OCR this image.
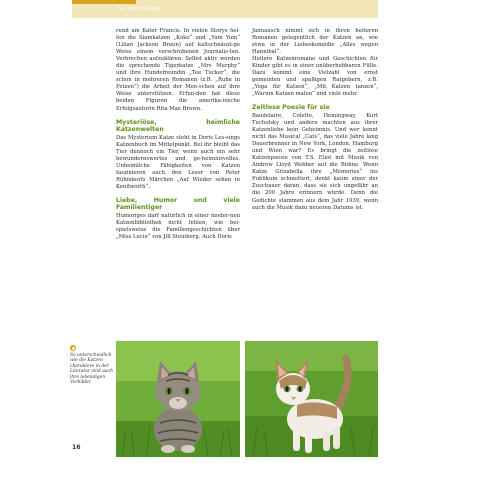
So sind Katzen

rund um Kater Francis. In vielen Storys hel-fen die Siamkatzen „Koko“ und „Yum Yum“ (Lilian Jackson Braun) auf kaltschnäuzi-ge Weise einem verschrobenen Journalis-ten. Verbrechen aufzuklären. Selbst aktiv werden die sprechende Tigerkatze „Mrs Murphy“ und ihre Hundefreundin „Tee Tucker“, die schon in mehreren Romanen (z.B. „Ruhe in Fetzen“) die Arbeit der Men-schen auf ihre Weise unterstützen. Erfun-den hat diese beiden Figuren die amerika-nische Erfolgsautorin Rita Mae Brown.

Mysteriöse, heimliche Katzenwelten

Das Mysterium Katze steht in Doris Les-sings Katzenbuch im Mittelpunkt. Bei ihr bleibt das Tier dennoch ein Tier, wenn auch ein sehr bewundernswertes und ge-heimnisvolles. Unheimliche Fähigkeiten von Katzen faszinieren auch den Leser von Peter Rühmkorfs Märchen „Auf Wieder sehen in Kenilworth“.

Liebe, Humor und viele Familientiger

Humoriges darf natürlich in einer moder-nen Katzenbibliothek nicht fehlen, wie bei-spielsweise die Familiengeschichten über „Miss Lucie“ von Jill Steinberg. Auch Doris

Jannausch nimmt sich in ihren heiteren Romanen gelegentlich der Katzen an, wie etwa in der Liebeskomödie „Alles wegen Hannibal“.

Heitere Katzenromane und Geschichten für Kinder gibt es in einer unüberhebbaren Fülle. Dazu kommt eine Vielzahl von ernst gemeinten und spaßigen Ratgebern, z.B. „Yoga für Katzen“, „Mit Katzen tanzen“, „Warum Katzen malen“ und viele mehr.

Zeitlose Poesie für sie

Baudelaire, Colette, Hemingway, Kurt Tucholsky und andere machten aus ihrer Katzenliebe kein Geheimnis. Und wer kennt nicht das Musical „Cats“, das viele Jahre lang Dauerbrenner in New York, London, Hamburg und Wien war? Es bringt die zeitlose Katzenpoesie von T.S. Eliot mit Musik von Andrew Lloyd Webber auf die Bühne. Wenn Katze Grizabella ihre „Memories“ ins Publikum schmettert, denkt kaum einer der Zuschauer daran, dass sie sich ungefähr an die 200 Jahre erinnern würde. Denn die Gedichte stammen aus dem Jahr 1939, wenn auch die Musik dazu neueren Datums ist.

So unterschiedlich wie die Katzen charaktere in der Literatur sind auch ihre lebendigen Vorbilder.
16
